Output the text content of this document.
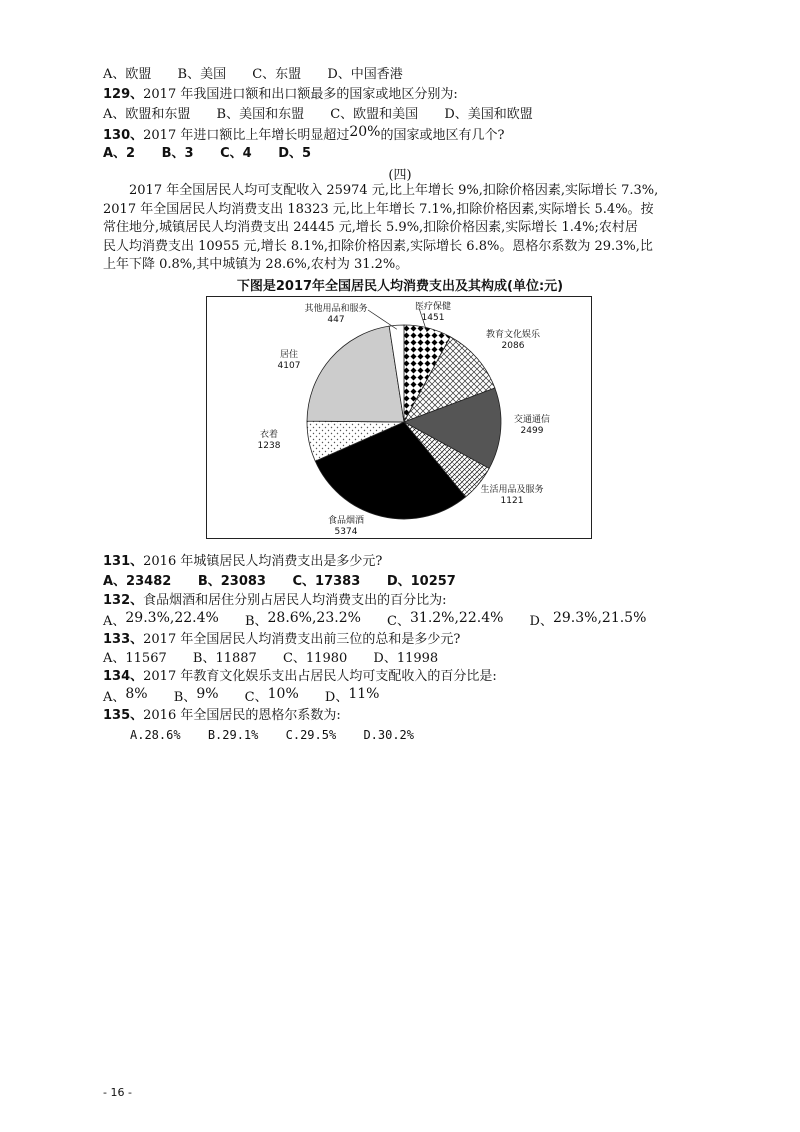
A、欧盟 B、美国 C、东盟 D、中国香港
129、2017 年我国进口额和出口额最多的国家或地区分别为:
A、欧盟和东盟 B、美国和东盟 C、欧盟和美国 D、美国和欧盟
130、2017 年进口额比上年增长明显超过20%的国家或地区有几个?
A、2 B、3 C、4 D、5
(四)
2017 年全国居民人均可支配收入 25974 元,比上年增长 9%,扣除价格因素,实际增长 7.3%,
2017 年全国居民人均消费支出 18323 元,比上年增长 7.1%,扣除价格因素,实际增长 5.4%。按
常住地分,城镇居民人均消费支出 24445 元,增长 5.9%,扣除价格因素,实际增长 1.4%;农村居
民人均消费支出 10955 元,增长 8.1%,扣除价格因素,实际增长 6.8%。恩格尔系数为 29.3%,比
上年下降 0.8%,其中城镇为 28.6%,农村为 31.2%。
下图是2017年全国居民人均消费支出及其构成(单位:元)
医疗保健
1451
教育文化娱乐
2086
交通通信
2499
生活用品及服务
1121
食品烟酒
5374
衣着
1238
居住
4107
其他用品和服务
447
131、2016 年城镇居民人均消费支出是多少元?
A、23482 B、23083 C、17383 D、10257
132、食品烟酒和居住分别占居民人均消费支出的百分比为:
A、29.3%,22.4% B、28.6%,23.2% C、31.2%,22.4% D、29.3%,21.5%
133、2017 年全国居民人均消费支出前三位的总和是多少元?
A、11567 B、11887 C、11980 D、11998
134、2017 年教育文化娱乐支出占居民人均可支配收入的百分比是:
A、8% B、9% C、10% D、11%
135、2016 年全国居民的恩格尔系数为:
A.28.6% B.29.1% C.29.5% D.30.2%
- 16 -
